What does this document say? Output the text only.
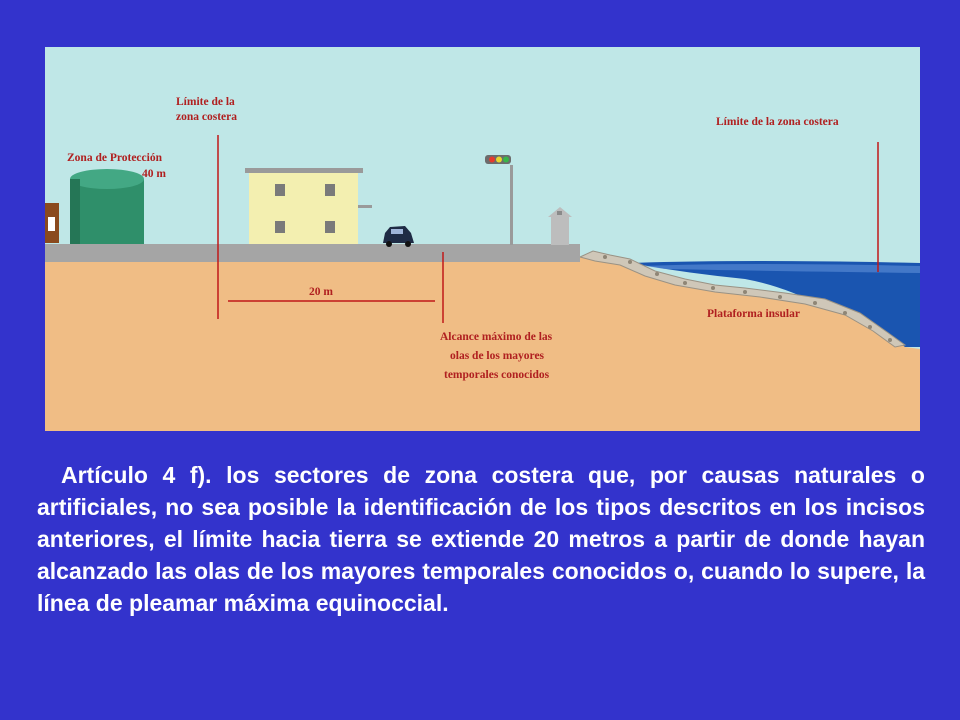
Límite de la
zona costera
Zona de Protección
40 m
Límite de la zona costera
20 m
Alcance máximo de las
olas de los mayores
temporales conocidos
Plataforma insular

Artículo 4 f). los sectores de zona costera que, por causas naturales o artificiales, no sea posible la identificación de los tipos descritos en los incisos anteriores, el límite hacia tierra se extiende 20 metros a partir de donde hayan alcanzado las olas de los mayores temporales conocidos o, cuando lo supere, la línea de pleamar máxima equinoccial.
